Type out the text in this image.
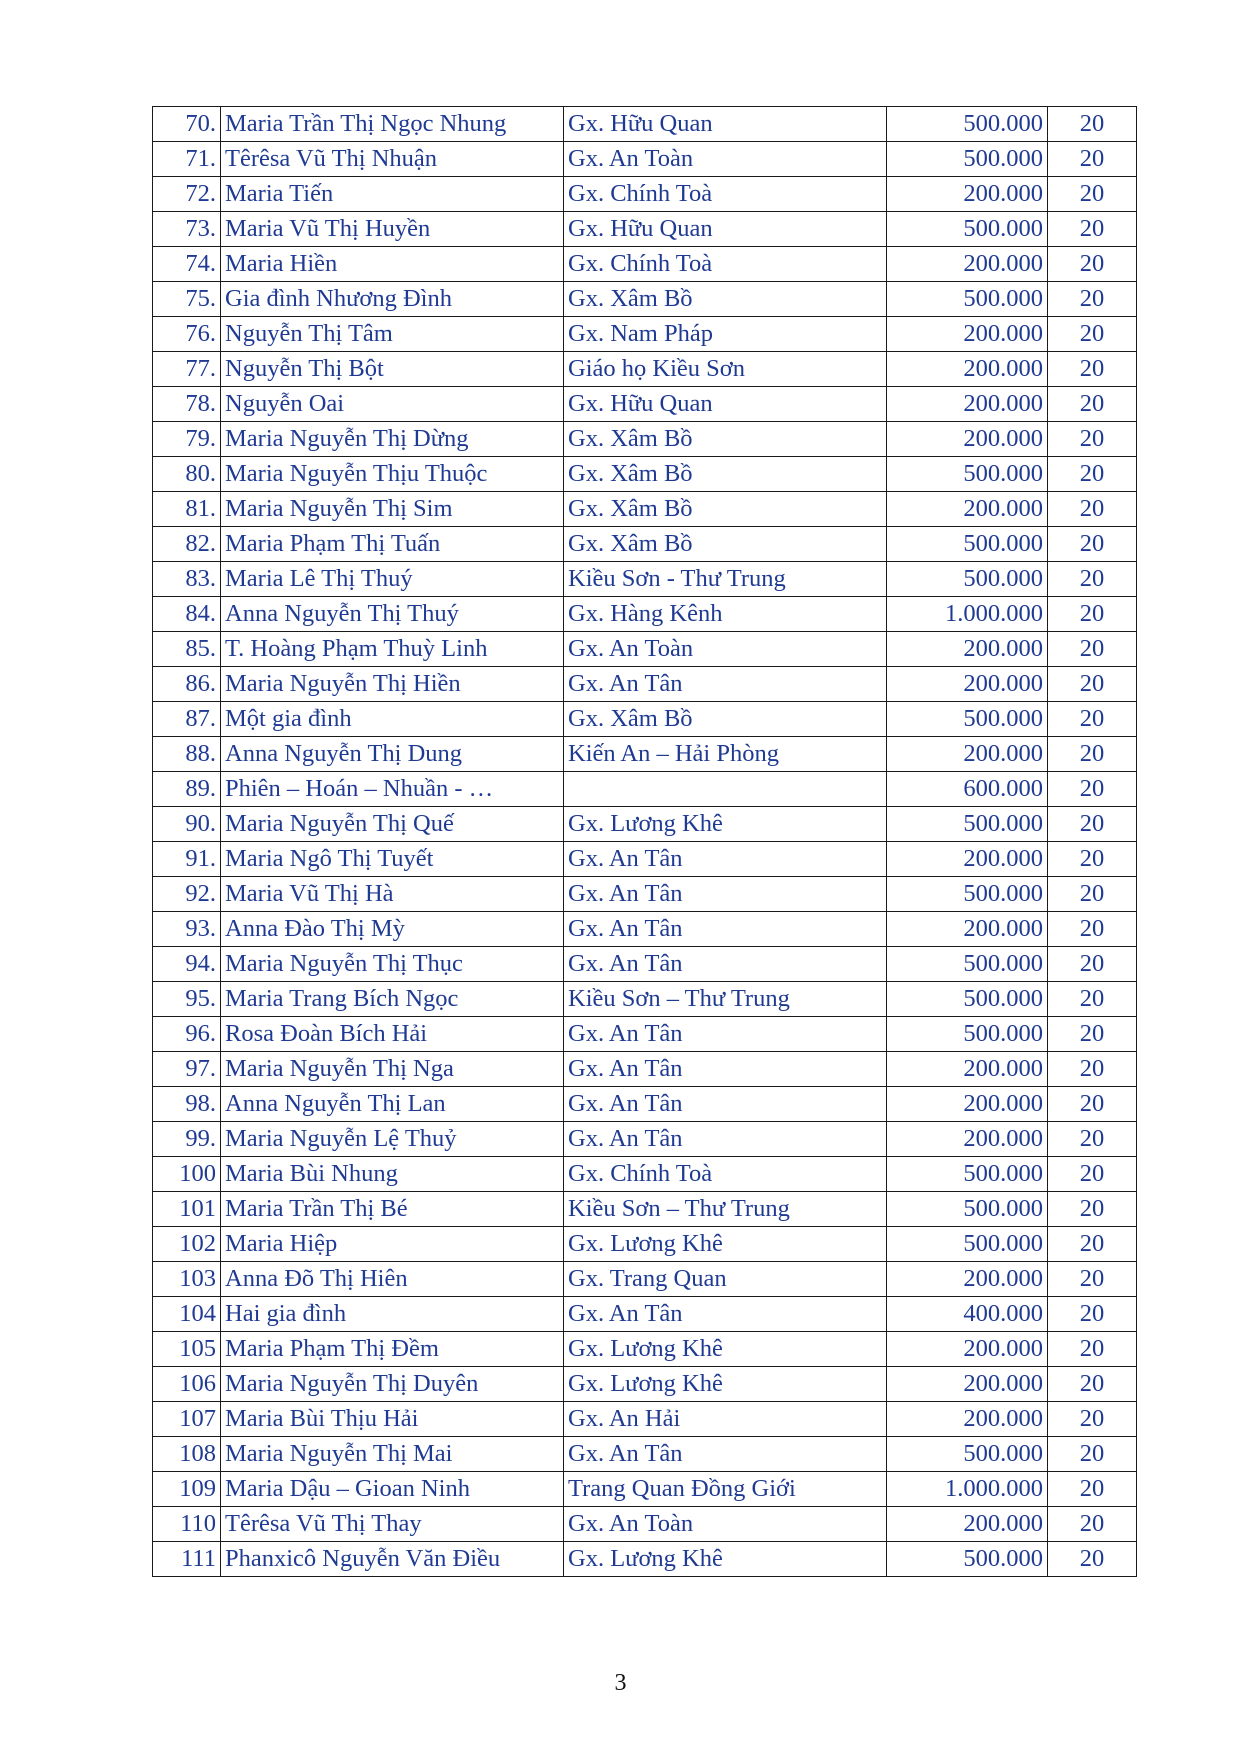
70.	Maria Trần Thị Ngọc Nhung	Gx. Hữu Quan	500.000	20
71.	Têrêsa Vũ Thị Nhuận	Gx. An Toàn	500.000	20
72.	Maria Tiến	Gx. Chính Toà	200.000	20
73.	Maria Vũ Thị Huyền	Gx. Hữu Quan	500.000	20
74.	Maria Hiền	Gx. Chính Toà	200.000	20
75.	Gia đình Nhương Đình	Gx. Xâm Bồ	500.000	20
76.	Nguyễn Thị Tâm	Gx. Nam Pháp	200.000	20
77.	Nguyễn Thị Bột	Giáo họ Kiều Sơn	200.000	20
78.	Nguyễn Oai	Gx. Hữu Quan	200.000	20
79.	Maria Nguyễn Thị Dừng	Gx. Xâm Bồ	200.000	20
80.	Maria Nguyễn Thịu Thuộc	Gx. Xâm Bồ	500.000	20
81.	Maria Nguyễn Thị Sim	Gx. Xâm Bồ	200.000	20
82.	Maria Phạm Thị Tuấn	Gx. Xâm Bồ	500.000	20
83.	Maria Lê Thị Thuý	Kiều Sơn - Thư Trung	500.000	20
84.	Anna Nguyễn Thị Thuý	Gx. Hàng Kênh	1.000.000	20
85.	T. Hoàng Phạm Thuỳ Linh	Gx. An Toàn	200.000	20
86.	Maria Nguyễn Thị Hiền	Gx. An Tân	200.000	20
87.	Một gia đình	Gx. Xâm Bồ	500.000	20
88.	Anna Nguyễn Thị Dung	Kiến An – Hải Phòng	200.000	20
89.	Phiên – Hoán – Nhuần - …		600.000	20
90.	Maria Nguyễn Thị Quế	Gx. Lương Khê	500.000	20
91.	Maria Ngô Thị Tuyết	Gx. An Tân	200.000	20
92.	Maria Vũ Thị Hà	Gx. An Tân	500.000	20
93.	Anna Đào Thị Mỳ	Gx. An Tân	200.000	20
94.	Maria Nguyễn Thị Thục	Gx. An Tân	500.000	20
95.	Maria Trang Bích Ngọc	Kiều Sơn – Thư Trung	500.000	20
96.	Rosa Đoàn Bích Hải	Gx. An Tân	500.000	20
97.	Maria Nguyễn Thị Nga	Gx. An Tân	200.000	20
98.	Anna Nguyễn Thị Lan	Gx. An Tân	200.000	20
99.	Maria Nguyễn Lệ Thuỷ	Gx. An Tân	200.000	20
100	Maria Bùi Nhung	Gx. Chính Toà	500.000	20
101	Maria Trần Thị Bé	Kiều Sơn – Thư Trung	500.000	20
102	Maria Hiệp	Gx. Lương Khê	500.000	20
103	Anna Đõ Thị Hiên	Gx. Trang Quan	200.000	20
104	Hai gia đình	Gx. An Tân	400.000	20
105	Maria Phạm Thị Đềm	Gx. Lương Khê	200.000	20
106	Maria Nguyễn Thị Duyên	Gx. Lương Khê	200.000	20
107	Maria Bùi Thịu Hải	Gx. An Hải	200.000	20
108	Maria Nguyễn Thị Mai	Gx. An Tân	500.000	20
109	Maria Dậu – Gioan Ninh	Trang Quan Đồng Giới	1.000.000	20
110	Têrêsa Vũ Thị Thay	Gx. An Toàn	200.000	20
111	Phanxicô Nguyễn Văn Điều	Gx. Lương Khê	500.000	20
3
